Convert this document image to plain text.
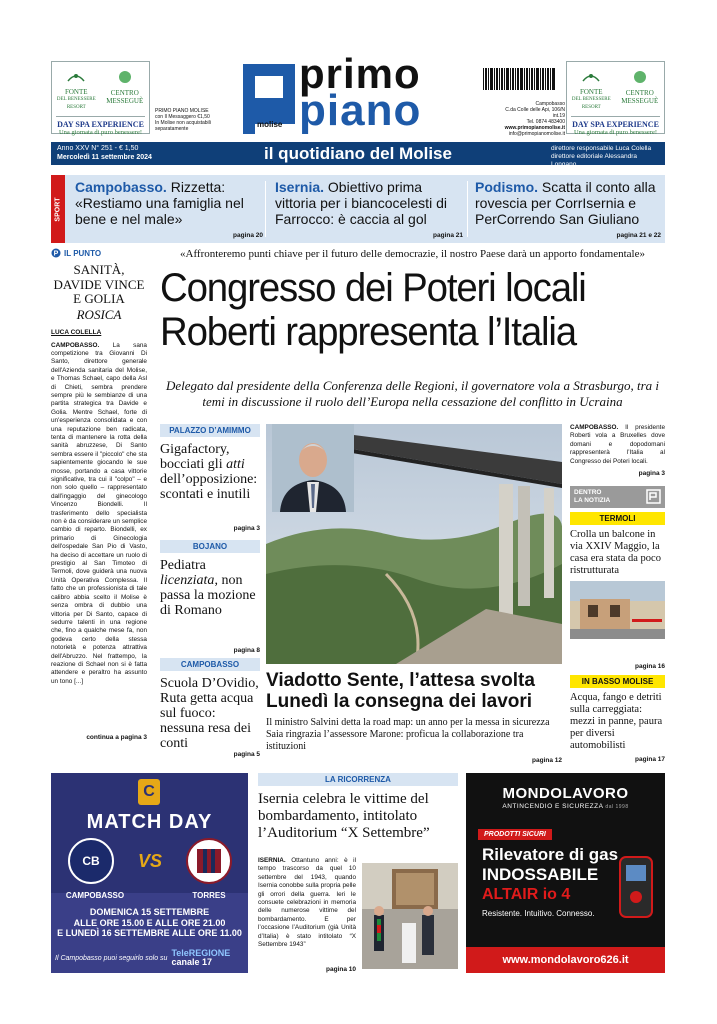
FONTE
DEL BENESSERE RESORT
CENTRO MESSEGUÈ
DAY SPA EXPERIENCE
Una giornata di puro benessere!
PRIMO PIANO MOLISE
con Il Messaggero €1,50
In Molise non acquistabili
separatamente
primo
piano
molise
Campobasso
C.da Colle delle Api, 106/N int.19
Tel. 0874 483400
www.primopianomolise.it
info@primopianomolise.it
FONTE
DEL BENESSERE RESORT
CENTRO MESSEGUÈ
DAY SPA EXPERIENCE
Una giornata di puro benessere!
Anno XXV N° 251 - € 1,50
Mercoledì 11 settembre 2024	il quotidiano del Molise	direttore responsabile Luca Colella
direttore editoriale Alessandra Longano
SPORT
Campobasso. Rizzetta: «Restiamo una famiglia nel bene e nel male»
pagina 20
Isernia. Obiettivo prima vittoria per i biancocelesti di Farrocco: è caccia al gol
pagina 21
Podismo. Scatta il conto alla rovescia per CorrIsernia e PerCorrendo San Giuliano
pagina 21 e 22
P IL PUNTO
SANITÀ, DAVIDE VINCE E GOLIA
ROSICA
LUCA COLELLA
CAMPOBASSO. La sana competizione tra Giovanni Di Santo, direttore generale dell'Azienda sanitaria del Molise, e Thomas Schael, capo della Asl di Chieti, sembra prendere sempre più le sembianze di una partita strategica tra Davide e Golia. Mentre Schael, forte di un'esperienza consolidata e con una reputazione ben radicata, tenta di mantenere la rotta della sanità abruzzese, Di Santo sembra essere il "piccolo" che sta sapientemente giocando le sue mosse, portando a casa vittorie significative, tra cui il "colpo" – e non solo quello – rappresentato dall'ingaggio del ginecologo Vincenzo Biondelli. Il trasferimento dello specialista non è da considerare un semplice cambio di reparto. Biondelli, ex primario di Ginecologia dell'ospedale San Pio di Vasto, ha deciso di accettare un ruolo di prestigio al San Timoteo di Termoli, dove guiderà una nuova Unità Operativa Complessa. Il fatto che un professionista di tale calibro abbia scelto il Molise è senza ombra di dubbio una vittoria per Di Santo, capace di sedurre talenti in una regione che, fino a qualche mese fa, non godeva certo della stessa notorietà e potenza attrattiva dell'Abruzzo. Nel frattempo, la reazione di Schael non si è fatta attendere e peraltro ha assunto un tono [...]
continua a pagina 3
«Affronteremo punti chiave per il futuro delle democrazie, il nostro Paese darà un apporto fondamentale»
Congresso dei Poteri locali
Roberti rappresenta l’Italia
Delegato dal presidente della Conferenza delle Regioni, il governatore vola a Strasburgo, tra i temi in discussione il ruolo dell’Europa nella cessazione del conflitto in Ucraina
PALAZZO D’AMIMMO
Gigafactory, bocciati gli atti dell’opposizione: scontati e inutili
pagina 3
BOJANO
Pediatra licenziata, non passa la mozione di Romano
pagina 8
CAMPOBASSO
Scuola D’Ovidio, Ruta getta acqua sul fuoco: nessuna resa dei conti
pagina 5
CAMPOBASSO. Il presidente Roberti vola a Bruxelles dove domani e dopodomani rappresenterà l’Italia al Congresso dei Poteri locali.
pagina 3
DENTRO
LA NOTIZIA
TERMOLI
Crolla un balcone in via XXIV Maggio, la casa era stata da poco ristrutturata
pagina 16
IN BASSO MOLISE
Acqua, fango e detriti sulla carreggiata: mezzi in panne, paura per diversi automobilisti
pagina 17
Viadotto Sente, l’attesa svolta Lunedì la consegna dei lavori
Il ministro Salvini detta la road map: un anno per la messa in sicurezza
Saia ringrazia l’assessore Marone: proficua la collaborazione tra istituzioni
pagina 12
CB
C
MATCH DAY
VS
CAMPOBASSO	TORRES
DOMENICA 15 SETTEMBRE
ALLE ORE 15.00 E ALLE ORE 21.00
E LUNEDÌ 16 SETTEMBRE ALLE ORE 11.00
Il Campobasso puoi seguirlo solo su TeleREGIONE
canale 17
LA RICORRENZA
Isernia celebra le vittime del bombardamento, intitolato l’Auditorium “X Settembre”
ISERNIA. Ottantuno anni: è il tempo trascorso da quel 10 settembre del 1943, quando Isernia conobbe sulla propria pelle gli orrori della guerra. Ieri le consuete celebrazioni in memoria delle numerose vittime del bombardamento. E per l’occasione l’Auditorium (già Unità d’Italia) è stato intitolato “X Settembre 1943”
pagina 10
MONDOLAVORO
ANTINCENDIO E SICUREZZA dal 1998
PRODOTTI SICURI
Rilevatore di gas
INDOSSABILE
ALTAIR io 4
Resistente. Intuitivo. Connesso.
www.mondolavoro626.it
